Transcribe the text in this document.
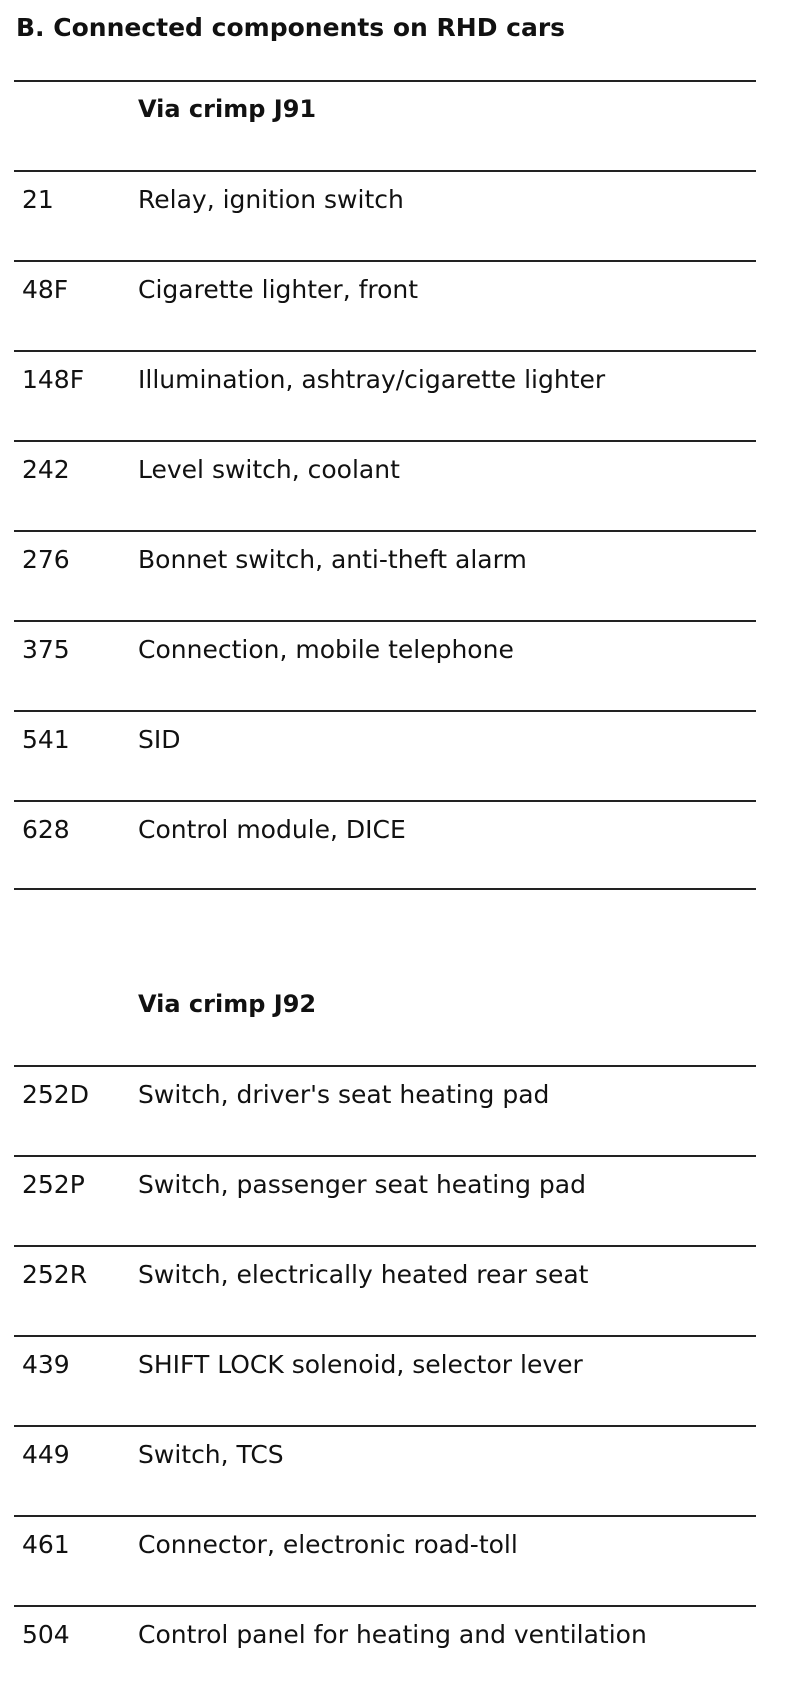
B. Connected components on RHD cars
Via crimp J91
21	Relay, ignition switch
48F	Cigarette lighter, front
148F Illumination, ashtray/cigarette lighter
242	Level switch, coolant
276	Bonnet switch, anti-theft alarm
375	Connection, mobile telephone
541	SID
628	Control module, DICE
Via crimp J92
252D Switch, driver's seat heating pad
252P Switch, passenger seat heating pad
252R Switch, electrically heated rear seat
439	SHIFT LOCK solenoid, selector lever
449	Switch, TCS
461	Connector, electronic road-toll
504	Control panel for heating and ventilation
